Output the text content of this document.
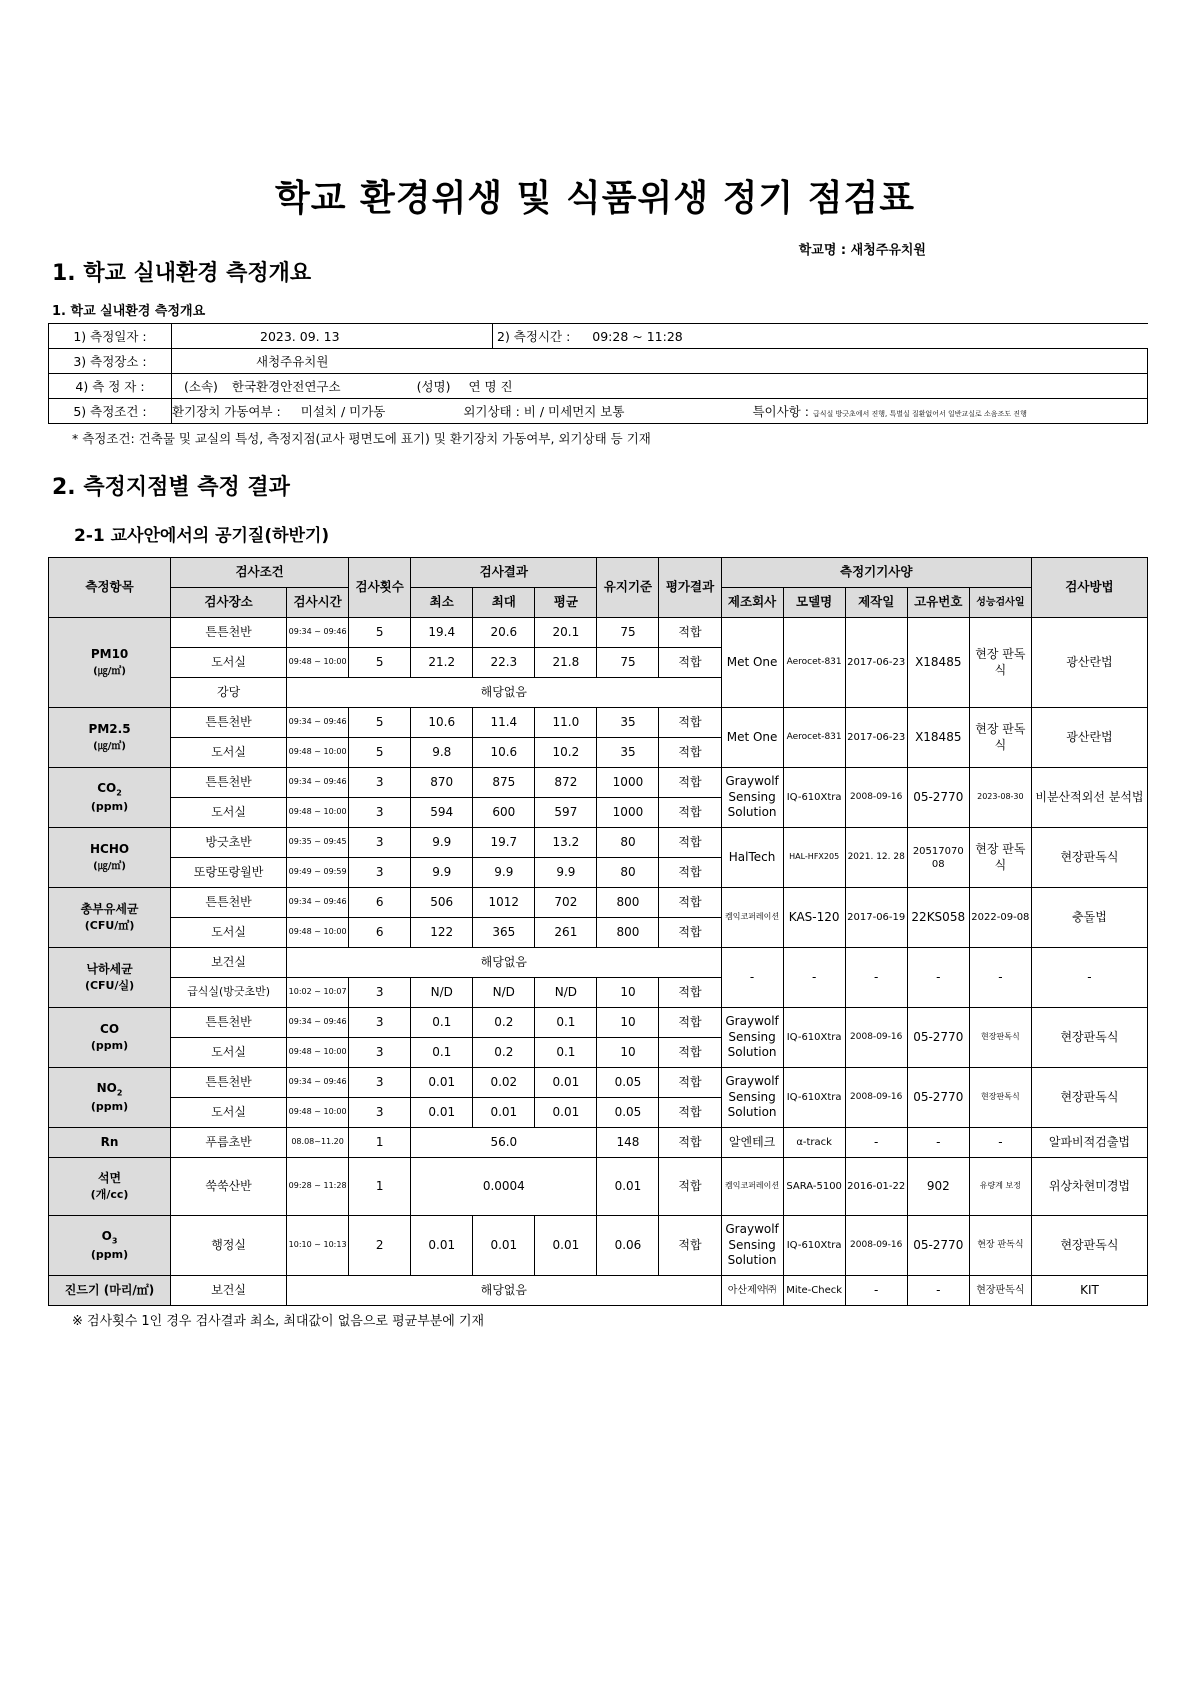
학교 환경위생 및 식품위생 정기 점검표
학교명 : 새청주유치원
1. 학교 실내환경 측정개요
1. 학교 실내환경 측정개요
1) 측정일자 :	2023. 09. 13	2) 측정시간 : 09:28 ~ 11:28
3) 측정장소 :	새청주유치원	
4) 측 정 자 :	(소속) 한국환경안전연구소 (성명) 연 명 진	
5) 측정조건 :	환기장치 가동여부 : 미설치 / 미가동 외기상태 : 비 / 미세먼지 보통 특이사항 : 급식실 방긋초에서 진행, 특별실 질환없어서 일반교실로 소음조도 진행	
* 측정조건: 건축물 및 교실의 특성, 측정지점(교사 평면도에 표기) 및 환기장치 가동여부, 외기상태 등 기재
2. 측정지점별 측정 결과
2-1 교사안에서의 공기질(하반기)
측정항목	검사조건		검사횟수	검사결과			유지기준	평가결과	측정기기사양					검사방법
	검사장소	검사시간		최소	최대	평균			제조회사	모델명	제작일	고유번호	성능검사일	
PM10
(㎍/㎥)	튼튼천반	09:34 ~ 09:46	5	19.4	20.6	20.1	75	적합	Met One	Aerocet-831	2017-06-23	X18485	현장 판독식	광산란법
	도서실	09:48 ~ 10:00	5	21.2	22.3	21.8	75	적합						
	강당	해당없음												
PM2.5
(㎍/㎥)	튼튼천반	09:34 ~ 09:46	5	10.6	11.4	11.0	35	적합	Met One	Aerocet-831	2017-06-23	X18485	현장 판독식	광산란법
	도서실	09:48 ~ 10:00	5	9.8	10.6	10.2	35	적합						
$CO_2$
(ppm)	튼튼천반	09:34 ~ 09:46	3	870	875	872	1000	적합	Graywolf Sensing Solution	IQ-610Xtra	2008-09-16	05-2770	2023-08-30	비분산적외선 분석법
	도서실	09:48 ~ 10:00	3	594	600	597	1000	적합						
HCHO
(㎍/㎥)	방긋초반	09:35 ~ 09:45	3	9.9	19.7	13.2	80	적합	HalTech	HAL-HFX205	2021. 12. 28	20517070 08	현장 판독식	현장판독식
	또랑또랑월반	09:49 ~ 09:59	3	9.9	9.9	9.9	80	적합						
총부유세균
(CFU/㎥)	튼튼천반	09:34 ~ 09:46	6	506	1012	702	800	적합	켐익코퍼레이션	KAS-120	2017-06-19	22KS058	2022-09-08	충돌법
	도서실	09:48 ~ 10:00	6	122	365	261	800	적합						
낙하세균
(CFU/실)	보건실	해당없음							-	-	-	-	-	-
	급식실(방긋초반)	10:02 ~ 10:07	3	N/D	N/D	N/D	10	적합						
CO
(ppm)	튼튼천반	09:34 ~ 09:46	3	0.1	0.2	0.1	10	적합	Graywolf Sensing Solution	IQ-610Xtra	2008-09-16	05-2770	현장판독식	현장판독식
	도서실	09:48 ~ 10:00	3	0.1	0.2	0.1	10	적합						
$NO_2$
(ppm)	튼튼천반	09:34 ~ 09:46	3	0.01	0.02	0.01	0.05	적합	Graywolf Sensing Solution	IQ-610Xtra	2008-09-16	05-2770	현장판독식	현장판독식
	도서실	09:48 ~ 10:00	3	0.01	0.01	0.01	0.05	적합						
Rn	푸름초반	08.08~11.20	1	56.0			148	적합	알엔테크	α-track	-	-	-	알파비적검출법
석면
(개/cc)	쑥쑥산반	09:28 ~ 11:28	1	0.0004			0.01	적합	켐익코퍼레이션	SARA-5100	2016-01-22	902	유량계 보정	위상차현미경법
$O_3$
(ppm)	행정실	10:10 ~ 10:13	2	0.01	0.01	0.01	0.06	적합	Graywolf Sensing Solution	IQ-610Xtra	2008-09-16	05-2770	현장 판독식	현장판독식
진드기 (마리/㎡)	보건실	해당없음							아산제약㈜	Mite-Check	-	-	현장판독식	KIT
※ 검사횟수 1인 경우 검사결과 최소, 최대값이 없음으로 평균부분에 기재
